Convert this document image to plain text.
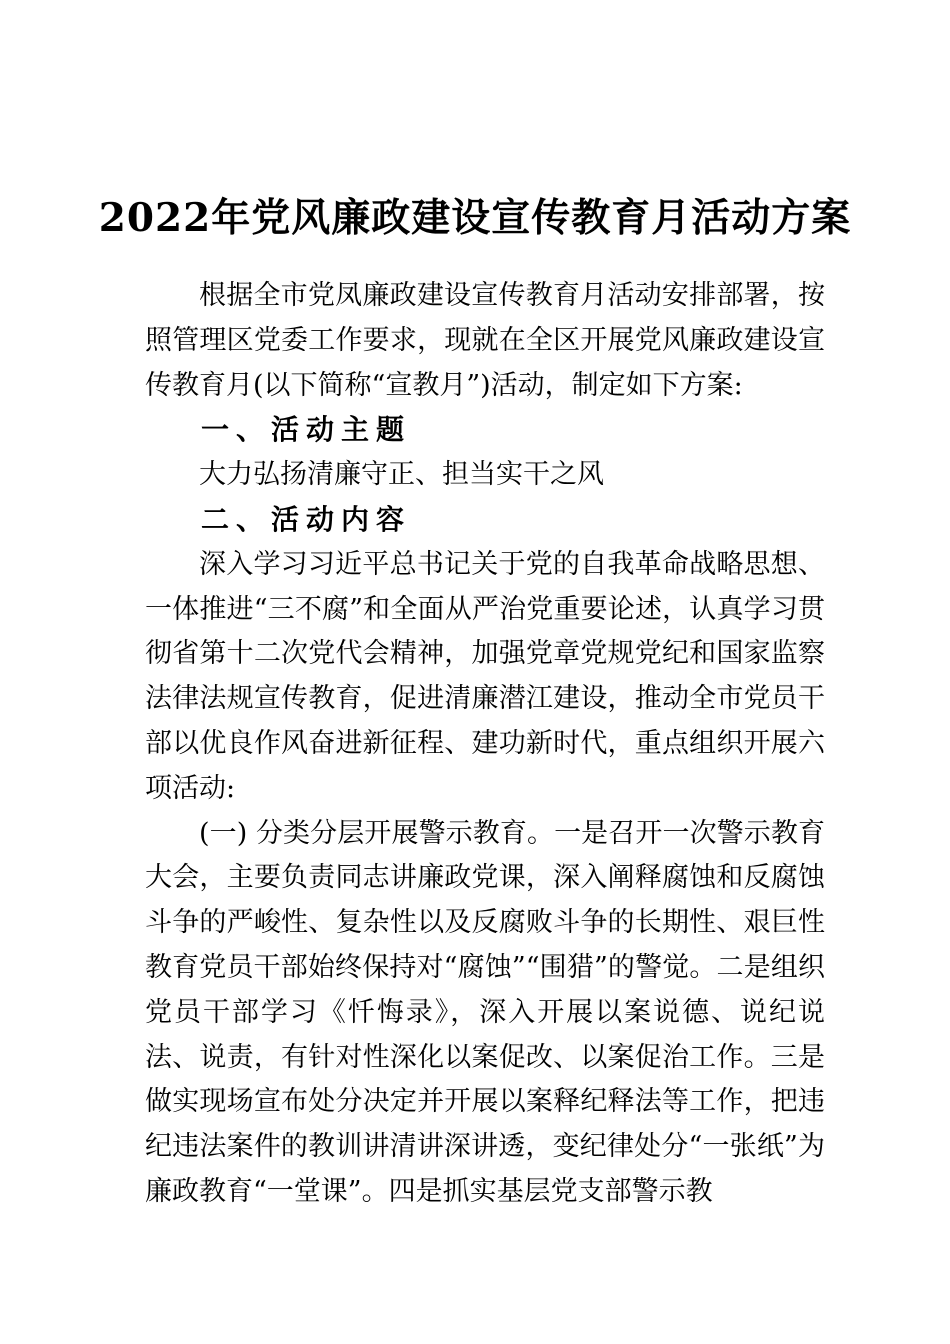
2022年党风廉政建设宣传教育月活动方案

根据全市党凤廉政建设宣传教育月活动安排部署，按照管理区党委工作要求，现就在全区开展党风廉政建设宣传教育月(以下简称“宣教月”)活动，制定如下方案:

一、活动主题

大力弘扬清廉守正、担当实干之风

二、活动内容

深入学习习近平总书记关于党的自我革命战略思想、一体推进“三不腐”和全面从严治党重要论述，认真学习贯彻省第十二次党代会精神，加强党章党规党纪和国家监察法律法规宣传教育，促进清廉潜江建设，推动全市党员干部以优良作风奋进新征程、建功新时代，重点组织开展六项活动:

(一) 分类分层开展警示教育。一是召开一次警示教育大会，主要负责同志讲廉政党课，深入阐释腐蚀和反腐蚀斗争的严峻性、复杂性以及反腐败斗争的长期性、艰巨性教育党员干部始终保持对“腐蚀”“围猎”的警觉。二是组织党员干部学习《忏悔录》，深入开展以案说德、说纪说法、说责，有针对性深化以案促改、以案促治工作。三是做实现场宣布处分决定并开展以案释纪释法等工作，把违纪违法案件的教训讲清讲深讲透，变纪律处分“一张纸”为廉政教育“一堂课”。四是抓实基层党支部警示教
